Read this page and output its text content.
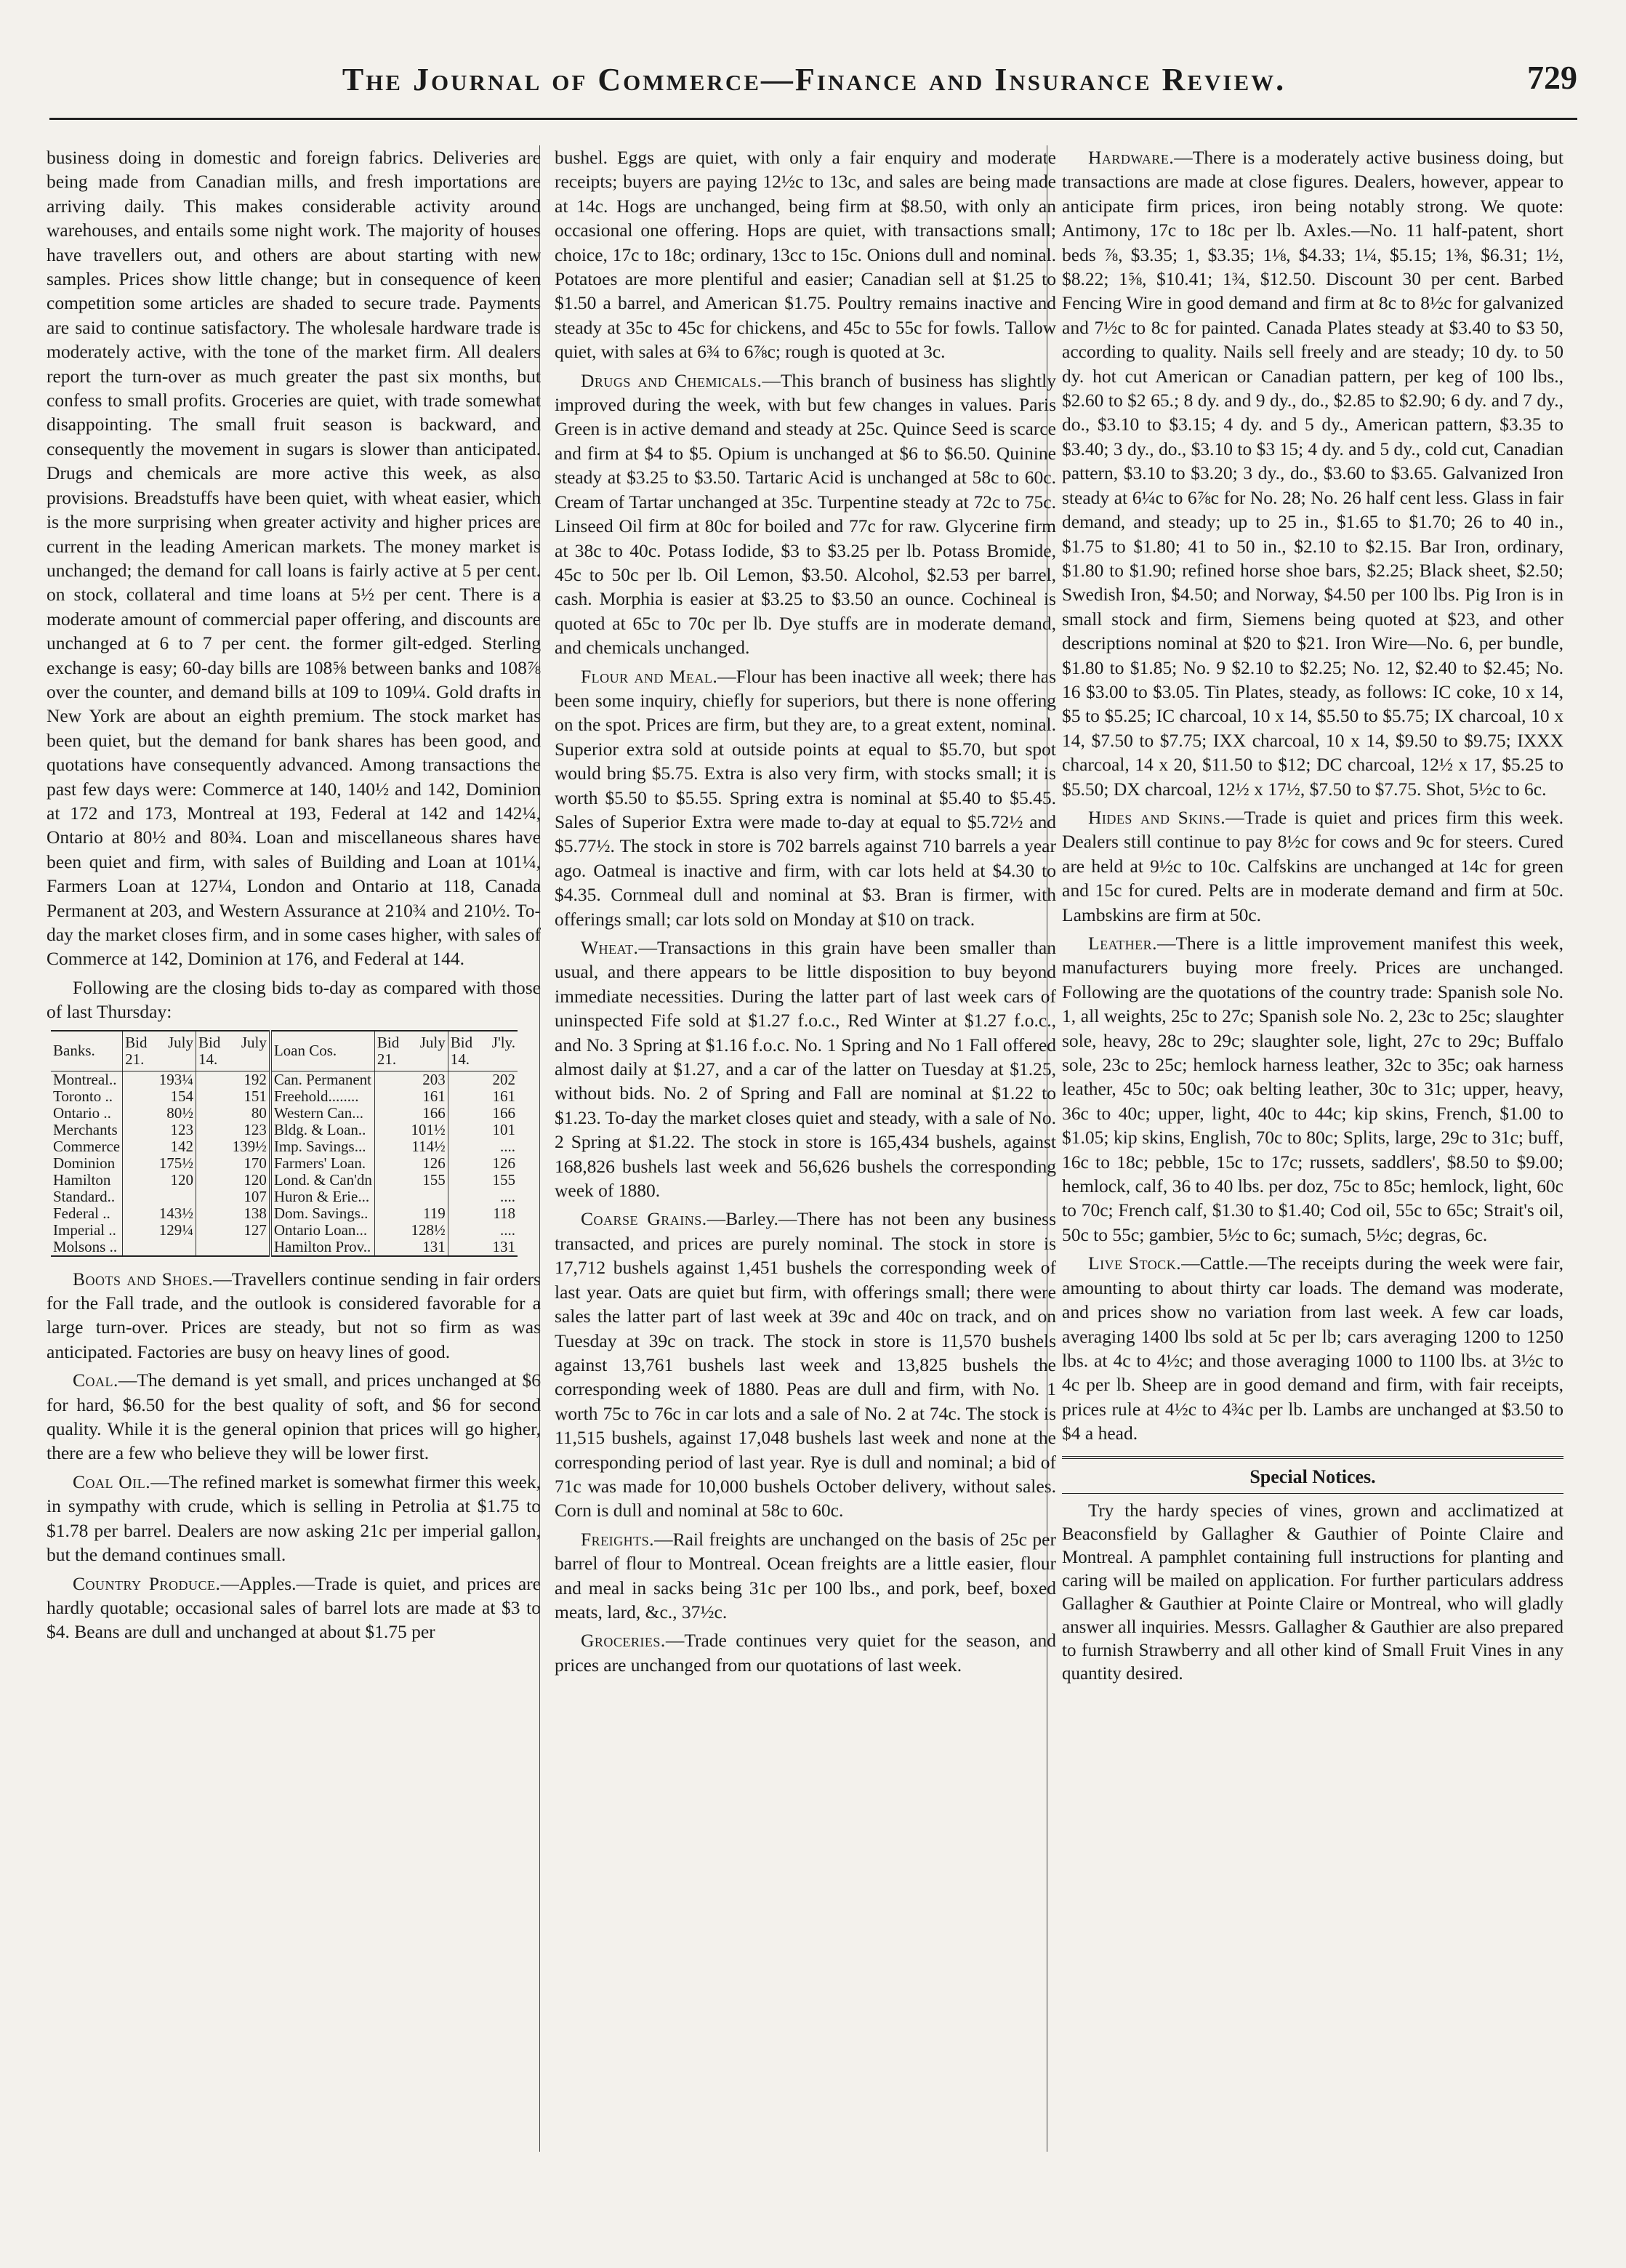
The Journal of Commerce—Finance and Insurance Review.	729

business doing in domestic and foreign fabrics. Deliveries are being made from Canadian mills, and fresh importations are arriving daily. This makes considerable activity around warehouses, and entails some night work. The majority of houses have travellers out, and others are about starting with new samples. Prices show little change; but in consequence of keen competition some articles are shaded to secure trade. Payments are said to continue satisfactory. The wholesale hardware trade is moderately active, with the tone of the market firm. All dealers report the turn-over as much greater the past six months, but confess to small profits. Groceries are quiet, with trade somewhat disappointing. The small fruit season is backward, and consequently the movement in sugars is slower than anticipated. Drugs and chemicals are more active this week, as also provisions. Breadstuffs have been quiet, with wheat easier, which is the more surprising when greater activity and higher prices are current in the leading American markets. The money market is unchanged; the demand for call loans is fairly active at 5 per cent. on stock, collateral and time loans at 5½ per cent. There is a moderate amount of commercial paper offering, and discounts are unchanged at 6 to 7 per cent. the former gilt-edged. Sterling exchange is easy; 60-day bills are 108⅝ between banks and 108⅞ over the counter, and demand bills at 109 to 109¼. Gold drafts in New York are about an eighth premium. The stock market has been quiet, but the demand for bank shares has been good, and quotations have consequently advanced. Among transactions the past few days were: Commerce at 140, 140½ and 142, Dominion at 172 and 173, Montreal at 193, Federal at 142 and 142¼, Ontario at 80½ and 80¾. Loan and miscellaneous shares have been quiet and firm, with sales of Building and Loan at 101¼, Farmers Loan at 127¼, London and Ontario at 118, Canada Permanent at 203, and Western Assurance at 210¾ and 210½. To-day the market closes firm, and in some cases higher, with sales of Commerce at 142, Dominion at 176, and Federal at 144.

Following are the closing bids to-day as compared with those of last Thursday:

Banks.	Bid July 21.	Bid July 14.	Loan Cos.	Bid July 21.	Bid J'ly. 14.
Montreal..	193¼	192	Can. Permanent	203	202
Toronto ..	154	151	Freehold........	161	161
Ontario ..	80½	80	Western Can...	166	166
Merchants	123	123	Bldg. & Loan..	101½	101
Commerce	142	139½	Imp. Savings...	114½	....
Dominion	175½	170	Farmers' Loan.	126	126
Hamilton	120	120	Lond. & Can'dn	155	155
Standard..		107	Huron & Erie...		....
Federal ..	143½	138	Dom. Savings..	119	118
Imperial ..	129¼	127	Ontario Loan...	128½	....
Molsons ..			Hamilton Prov..	131	131

Boots and Shoes.—Travellers continue sending in fair orders for the Fall trade, and the outlook is considered favorable for a large turn-over. Prices are steady, but not so firm as was anticipated. Factories are busy on heavy lines of good.

Coal.—The demand is yet small, and prices unchanged at $6 for hard, $6.50 for the best quality of soft, and $6 for second quality. While it is the general opinion that prices will go higher, there are a few who believe they will be lower first.

Coal Oil.—The refined market is somewhat firmer this week, in sympathy with crude, which is selling in Petrolia at $1.75 to $1.78 per barrel. Dealers are now asking 21c per imperial gallon, but the demand continues small.

Country Produce.—Apples.—Trade is quiet, and prices are hardly quotable; occasional sales of barrel lots are made at $3 to $4. Beans are dull and unchanged at about $1.75 per

bushel. Eggs are quiet, with only a fair enquiry and moderate receipts; buyers are paying 12½c to 13c, and sales are being made at 14c. Hogs are unchanged, being firm at $8.50, with only an occasional one offering. Hops are quiet, with transactions small; choice, 17c to 18c; ordinary, 13cc to 15c. Onions dull and nominal. Potatoes are more plentiful and easier; Canadian sell at $1.25 to $1.50 a barrel, and American $1.75. Poultry remains inactive and steady at 35c to 45c for chickens, and 45c to 55c for fowls. Tallow quiet, with sales at 6¾ to 6⅞c; rough is quoted at 3c.

Drugs and Chemicals.—This branch of business has slightly improved during the week, with but few changes in values. Paris Green is in active demand and steady at 25c. Quince Seed is scarce and firm at $4 to $5. Opium is unchanged at $6 to $6.50. Quinine steady at $3.25 to $3.50. Tartaric Acid is unchanged at 58c to 60c. Cream of Tartar unchanged at 35c. Turpentine steady at 72c to 75c. Linseed Oil firm at 80c for boiled and 77c for raw. Glycerine firm at 38c to 40c. Potass Iodide, $3 to $3.25 per lb. Potass Bromide, 45c to 50c per lb. Oil Lemon, $3.50. Alcohol, $2.53 per barrel, cash. Morphia is easier at $3.25 to $3.50 an ounce. Cochineal is quoted at 65c to 70c per lb. Dye stuffs are in moderate demand, and chemicals unchanged.

Flour and Meal.—Flour has been inactive all week; there has been some inquiry, chiefly for superiors, but there is none offering on the spot. Prices are firm, but they are, to a great extent, nominal. Superior extra sold at outside points at equal to $5.70, but spot would bring $5.75. Extra is also very firm, with stocks small; it is worth $5.50 to $5.55. Spring extra is nominal at $5.40 to $5.45. Sales of Superior Extra were made to-day at equal to $5.72½ and $5.77½. The stock in store is 702 barrels against 710 barrels a year ago. Oatmeal is inactive and firm, with car lots held at $4.30 to $4.35. Cornmeal dull and nominal at $3. Bran is firmer, with offerings small; car lots sold on Monday at $10 on track.

Wheat.—Transactions in this grain have been smaller than usual, and there appears to be little disposition to buy beyond immediate necessities. During the latter part of last week cars of uninspected Fife sold at $1.27 f.o.c., Red Winter at $1.27 f.o.c., and No. 3 Spring at $1.16 f.o.c. No. 1 Spring and No 1 Fall offered almost daily at $1.27, and a car of the latter on Tuesday at $1.25, without bids. No. 2 of Spring and Fall are nominal at $1.22 to $1.23. To-day the market closes quiet and steady, with a sale of No. 2 Spring at $1.22. The stock in store is 165,434 bushels, against 168,826 bushels last week and 56,626 bushels the corresponding week of 1880.

Coarse Grains.—Barley.—There has not been any business transacted, and prices are purely nominal. The stock in store is 17,712 bushels against 1,451 bushels the corresponding week of last year. Oats are quiet but firm, with offerings small; there were sales the latter part of last week at 39c and 40c on track, and on Tuesday at 39c on track. The stock in store is 11,570 bushels against 13,761 bushels last week and 13,825 bushels the corresponding week of 1880. Peas are dull and firm, with No. 1 worth 75c to 76c in car lots and a sale of No. 2 at 74c. The stock is 11,515 bushels, against 17,048 bushels last week and none at the corresponding period of last year. Rye is dull and nominal; a bid of 71c was made for 10,000 bushels October delivery, without sales. Corn is dull and nominal at 58c to 60c.

Freights.—Rail freights are unchanged on the basis of 25c per barrel of flour to Montreal. Ocean freights are a little easier, flour and meal in sacks being 31c per 100 lbs., and pork, beef, boxed meats, lard, &c., 37½c.

Groceries.—Trade continues very quiet for the season, and prices are unchanged from our quotations of last week.

Hardware.—There is a moderately active business doing, but transactions are made at close figures. Dealers, however, appear to anticipate firm prices, iron being notably strong. We quote: Antimony, 17c to 18c per lb. Axles.—No. 11 half-patent, short beds ⅞, $3.35; 1, $3.35; 1⅛, $4.33; 1¼, $5.15; 1⅜, $6.31; 1½, $8.22; 1⅝, $10.41; 1¾, $12.50. Discount 30 per cent. Barbed Fencing Wire in good demand and firm at 8c to 8½c for galvanized and 7½c to 8c for painted. Canada Plates steady at $3.40 to $3 50, according to quality. Nails sell freely and are steady; 10 dy. to 50 dy. hot cut American or Canadian pattern, per keg of 100 lbs., $2.60 to $2 65.; 8 dy. and 9 dy., do., $2.85 to $2.90; 6 dy. and 7 dy., do., $3.10 to $3.15; 4 dy. and 5 dy., American pattern, $3.35 to $3.40; 3 dy., do., $3.10 to $3 15; 4 dy. and 5 dy., cold cut, Canadian pattern, $3.10 to $3.20; 3 dy., do., $3.60 to $3.65. Galvanized Iron steady at 6¼c to 6⅞c for No. 28; No. 26 half cent less. Glass in fair demand, and steady; up to 25 in., $1.65 to $1.70; 26 to 40 in., $1.75 to $1.80; 41 to 50 in., $2.10 to $2.15. Bar Iron, ordinary, $1.80 to $1.90; refined horse shoe bars, $2.25; Black sheet, $2.50; Swedish Iron, $4.50; and Norway, $4.50 per 100 lbs. Pig Iron is in small stock and firm, Siemens being quoted at $23, and other descriptions nominal at $20 to $21. Iron Wire—No. 6, per bundle, $1.80 to $1.85; No. 9 $2.10 to $2.25; No. 12, $2.40 to $2.45; No. 16 $3.00 to $3.05. Tin Plates, steady, as follows: IC coke, 10 x 14, $5 to $5.25; IC charcoal, 10 x 14, $5.50 to $5.75; IX charcoal, 10 x 14, $7.50 to $7.75; IXX charcoal, 10 x 14, $9.50 to $9.75; IXXX charcoal, 14 x 20, $11.50 to $12; DC charcoal, 12½ x 17, $5.25 to $5.50; DX charcoal, 12½ x 17½, $7.50 to $7.75. Shot, 5½c to 6c.

Hides and Skins.—Trade is quiet and prices firm this week. Dealers still continue to pay 8½c for cows and 9c for steers. Cured are held at 9½c to 10c. Calfskins are unchanged at 14c for green and 15c for cured. Pelts are in moderate demand and firm at 50c. Lambskins are firm at 50c.

Leather.—There is a little improvement manifest this week, manufacturers buying more freely. Prices are unchanged. Following are the quotations of the country trade: Spanish sole No. 1, all weights, 25c to 27c; Spanish sole No. 2, 23c to 25c; slaughter sole, heavy, 28c to 29c; slaughter sole, light, 27c to 29c; Buffalo sole, 23c to 25c; hemlock harness leather, 32c to 35c; oak harness leather, 45c to 50c; oak belting leather, 30c to 31c; upper, heavy, 36c to 40c; upper, light, 40c to 44c; kip skins, French, $1.00 to $1.05; kip skins, English, 70c to 80c; Splits, large, 29c to 31c; buff, 16c to 18c; pebble, 15c to 17c; russets, saddlers', $8.50 to $9.00; hemlock, calf, 36 to 40 lbs. per doz, 75c to 85c; hemlock, light, 60c to 70c; French calf, $1.30 to $1.40; Cod oil, 55c to 65c; Strait's oil, 50c to 55c; gambier, 5½c to 6c; sumach, 5½c; degras, 6c.

Live Stock.—Cattle.—The receipts during the week were fair, amounting to about thirty car loads. The demand was moderate, and prices show no variation from last week. A few car loads, averaging 1400 lbs sold at 5c per lb; cars averaging 1200 to 1250 lbs. at 4c to 4½c; and those averaging 1000 to 1100 lbs. at 3½c to 4c per lb. Sheep are in good demand and firm, with fair receipts, prices rule at 4½c to 4¾c per lb. Lambs are unchanged at $3.50 to $4 a head.

Special Notices.

Try the hardy species of vines, grown and acclimatized at Beaconsfield by Gallagher & Gauthier of Pointe Claire and Montreal. A pamphlet containing full instructions for planting and caring will be mailed on application. For further particulars address Gallagher & Gauthier at Pointe Claire or Montreal, who will gladly answer all inquiries. Messrs. Gallagher & Gauthier are also prepared to furnish Strawberry and all other kind of Small Fruit Vines in any quantity desired.
